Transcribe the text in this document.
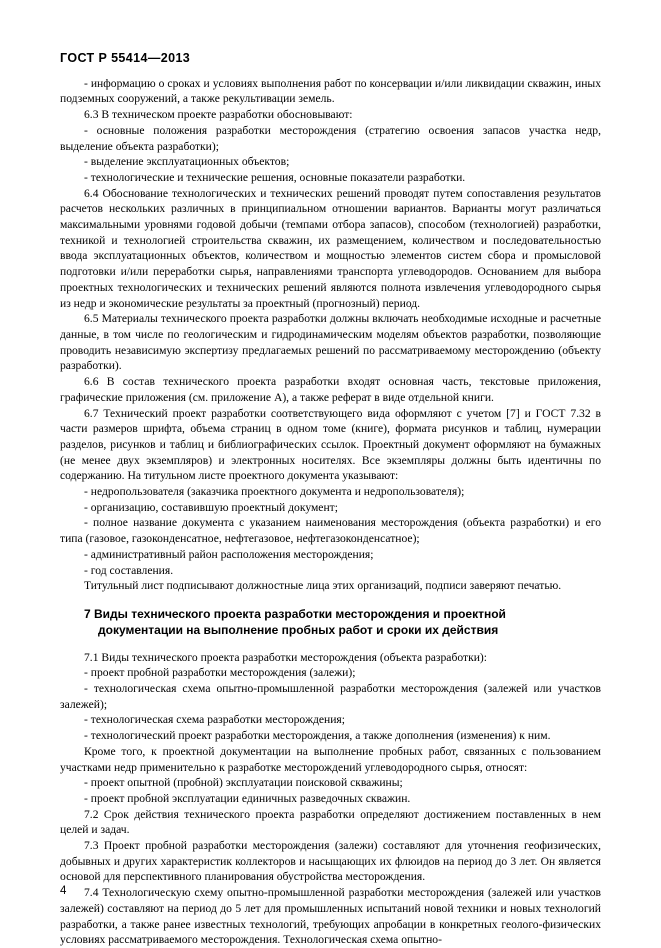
ГОСТ Р 55414—2013

- информацию о сроках и условиях выполнения работ по консервации и/или ликвидации скважин, иных подземных сооружений, а также рекультивации земель.

6.3 В техническом проекте разработки обосновывают:

- основные положения разработки месторождения (стратегию освоения запасов участка недр, выделение объекта разработки);

- выделение эксплуатационных объектов;

- технологические и технические решения, основные показатели разработки.

6.4 Обоснование технологических и технических решений проводят путем сопоставления результатов расчетов нескольких различных в принципиальном отношении вариантов. Варианты могут различаться максимальными уровнями годовой добычи (темпами отбора запасов), способом (технологией) разработки, техникой и технологией строительства скважин, их размещением, количеством и последовательностью ввода эксплуатационных объектов, количеством и мощностью элементов систем сбора и промысловой подготовки и/или переработки сырья, направлениями транспорта углеводородов. Основанием для выбора проектных технологических и технических решений являются полнота извлечения углеводородного сырья из недр и экономические результаты за проектный (прогнозный) период.

6.5 Материалы технического проекта разработки должны включать необходимые исходные и расчетные данные, в том числе по геологическим и гидродинамическим моделям объектов разработки, позволяющие проводить независимую экспертизу предлагаемых решений по рассматриваемому месторождению (объекту разработки).

6.6 В состав технического проекта разработки входят основная часть, текстовые приложения, графические приложения (см. приложение А), а также реферат в виде отдельной книги.

6.7 Технический проект разработки соответствующего вида оформляют с учетом [7] и ГОСТ 7.32 в части размеров шрифта, объема страниц в одном томе (книге), формата рисунков и таблиц, нумерации разделов, рисунков и таблиц и библиографических ссылок. Проектный документ оформляют на бумажных (не менее двух экземпляров) и электронных носителях. Все экземпляры должны быть идентичны по содержанию. На титульном листе проектного документа указывают:

- недропользователя (заказчика проектного документа и недропользователя);

- организацию, составившую проектный документ;

- полное название документа с указанием наименования месторождения (объекта разработки) и его типа (газовое, газоконденсатное, нефтегазовое, нефтегазоконденсатное);

- административный район расположения месторождения;

- год составления.

Титульный лист подписывают должностные лица этих организаций, подписи заверяют печатью.

7 Виды технического проекта разработки месторождения и проектной
документации на выполнение пробных работ и сроки их действия

7.1 Виды технического проекта разработки месторождения (объекта разработки):

- проект пробной разработки месторождения (залежи);

- технологическая схема опытно-промышленной разработки месторождения (залежей или участков залежей);

- технологическая схема разработки месторождения;

- технологический проект разработки месторождения, а также дополнения (изменения) к ним.

Кроме того, к проектной документации на выполнение пробных работ, связанных с пользованием участками недр применительно к разработке месторождений углеводородного сырья, относят:

- проект опытной (пробной) эксплуатации поисковой скважины;

- проект пробной эксплуатации единичных разведочных скважин.

7.2 Срок действия технического проекта разработки определяют достижением поставленных в нем целей и задач.

7.3 Проект пробной разработки месторождения (залежи) составляют для уточнения геофизических, добывных и других характеристик коллекторов и насыщающих их флюидов на период до 3 лет. Он является основой для перспективного планирования обустройства месторождения.

7.4 Технологическую схему опытно-промышленной разработки месторождения (залежей или участков залежей) составляют на период до 5 лет для промышленных испытаний новой техники и новых технологий разработки, а также ранее известных технологий, требующих апробации в конкретных геолого-физических условиях рассматриваемого месторождения. Технологическая схема опытно-

4
